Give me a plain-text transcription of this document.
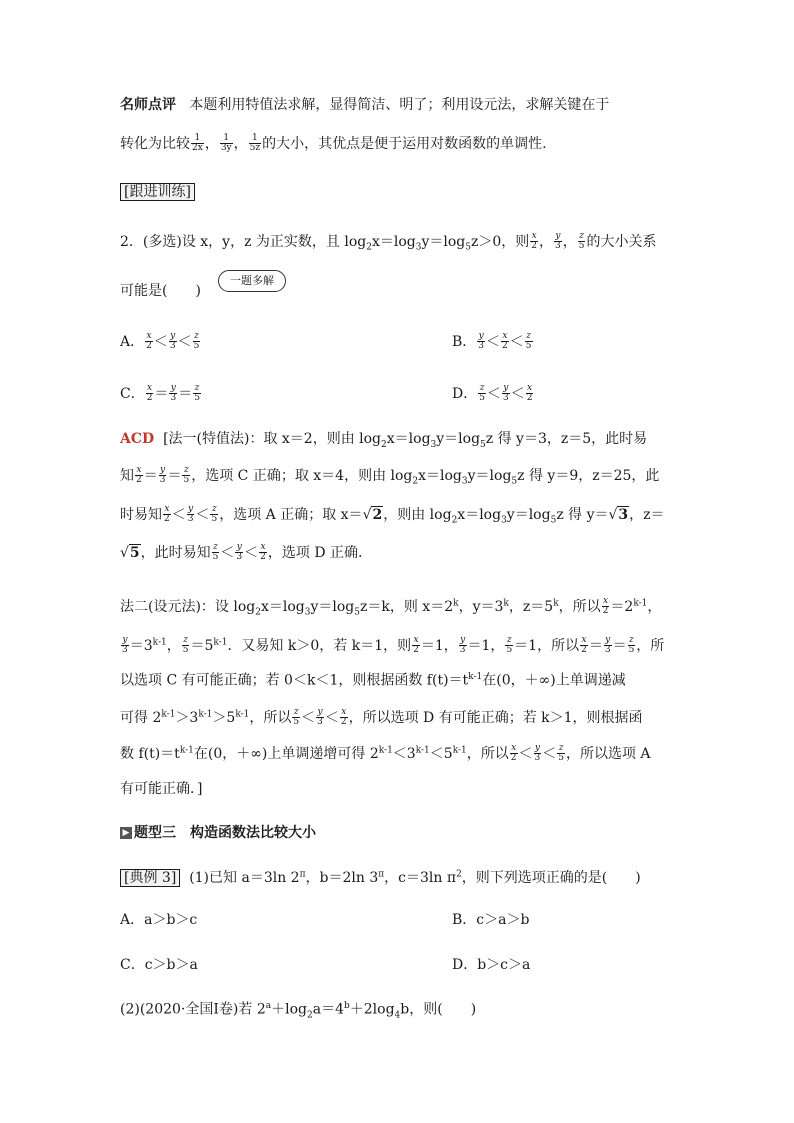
名师点评 本题利用特值法求解，显得简洁、明了；利用设元法，求解关键在于
转化为比较 $\frac{1}{2x}$ ， $\frac{1}{3y}$ ， $\frac{1}{5z}$ 的大小，其优点是便于运用对数函数的单调性.
[跟进训练]
2．(多选)设 x，y，z 为正实数，且 $\log_2x=\log_3y=\log_5z>0$，则 $\frac{x}{2}$ ， $\frac{y}{3}$ ， $\frac{z}{5}$ 的大小关系
可能是(　　)
一题多解
A． $\frac{x}{2} < \frac{y}{3} < \frac{z}{5}$	B． $\frac{y}{3} < \frac{x}{2} < \frac{z}{5}$
C． $\frac{x}{2} = \frac{y}{3} = \frac{z}{5}$	D． $\frac{z}{5} < \frac{y}{3} < \frac{x}{2}$
ACD [法一(特值法)：取 x＝2，则由 $\log_2x=\log_3y=\log_5z$ 得 y＝3，z＝5，此时易
知 $\frac{x}{2} = \frac{y}{3} = \frac{z}{5}$ ，选项 C 正确；取 x＝4，则由 $\log_2x=\log_3y=\log_5z$ 得 y＝9，z＝25，此
时易知 $\frac{x}{2} < \frac{y}{3} < \frac{z}{5}$ ，选项 A 正确；取 x＝√2，则由 $\log_2x=\log_3y=\log_5z$ 得 y＝√3，z＝
√5，此时易知 $\frac{z}{5} < \frac{y}{3} < \frac{x}{2}$ ，选项 D 正确.
法二(设元法)：设 $\log_2x=\log_3y=\log_5z=k$，则 $x=2^k$，$y=3^k$，$z=5^k$，所以 $\frac{x}{2} =2^{k-1}$，
$\frac{y}{3} =3^{k-1}$， $\frac{z}{5} =5^{k-1}$．又易知 k＞0，若 k＝1，则 $\frac{x}{2} =1$， $\frac{y}{3} =1$， $\frac{z}{5} =1$，所以 $\frac{x}{2} = \frac{y}{3} = \frac{z}{5}$ ，所
以选项 C 有可能正确；若 0＜k＜1，则根据函数 $f(t)=t^{k-1}$在(0，＋∞)上单调递减
可得 $2^{k-1}>3^{k-1}>5^{k-1}$，所以 $\frac{z}{5} < \frac{y}{3} < \frac{x}{2}$ ，所以选项 D 有可能正确；若 k＞1，则根据函
数 $f(t)=t^{k-1}$在(0，＋∞)上单调递增可得 $2^{k-1}<3^{k-1}<5^{k-1}$，所以 $\frac{x}{2} < \frac{y}{3} < \frac{z}{5}$ ，所以选项 A
有可能正确．]
▶ 题型三　构造函数法比较大小
[典例 3] (1)已知 a＝3ln $2^\pi$，b＝2ln $3^\pi$，c＝3ln $\pi^2$，则下列选项正确的是(　　)
A．a＞b＞c	B．c＞a＞b
C．c＞b＞a	D．b＞c＞a
(2)(2020·全国Ⅰ卷)若 $2^a+\log_2a=4^b+2\log_4b$，则(　　)
